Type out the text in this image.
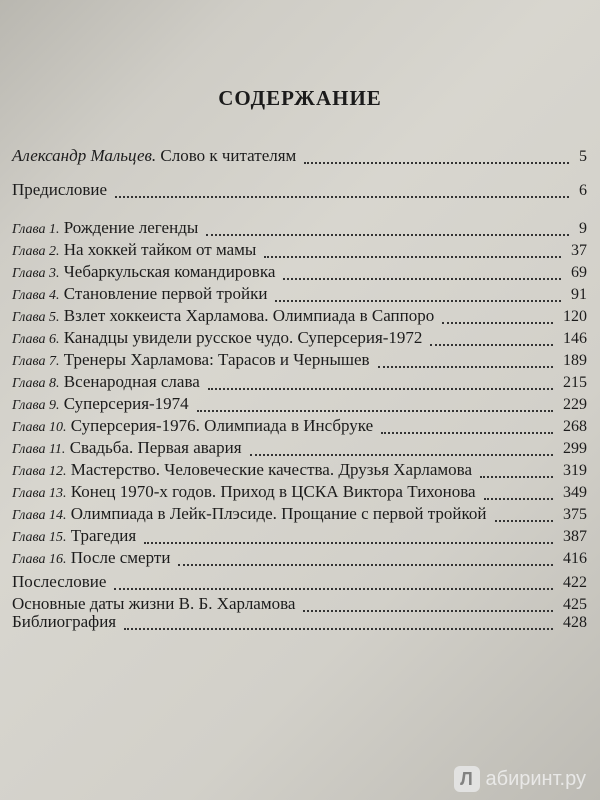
СОДЕРЖАНИЕ
Александр Мальцев. Слово к читателям	5
Предисловие	6
Глава 1. Рождение легенды	9
Глава 2. На хоккей тайком от мамы	37
Глава 3. Чебаркульская командировка	69
Глава 4. Становление первой тройки	91
Глава 5. Взлет хоккеиста Харламова. Олимпиада в Саппоро	120
Глава 6. Канадцы увидели русское чудо. Суперсерия-1972	146
Глава 7. Тренеры Харламова: Тарасов и Чернышев	189
Глава 8. Всенародная слава	215
Глава 9. Суперсерия-1974	229
Глава 10. Суперсерия-1976. Олимпиада в Инсбруке	268
Глава 11. Свадьба. Первая авария	299
Глава 12. Мастерство. Человеческие качества. Друзья Харламова	319
Глава 13. Конец 1970-х годов. Приход в ЦСКА Виктора Тихонова	349
Глава 14. Олимпиада в Лейк-Плэсиде. Прощание с первой тройкой	375
Глава 15. Трагедия	387
Глава 16. После смерти	416
Послесловие	422
Основные даты жизни В. Б. Харламова	425
Библиография	428
Л абиринт.ру
